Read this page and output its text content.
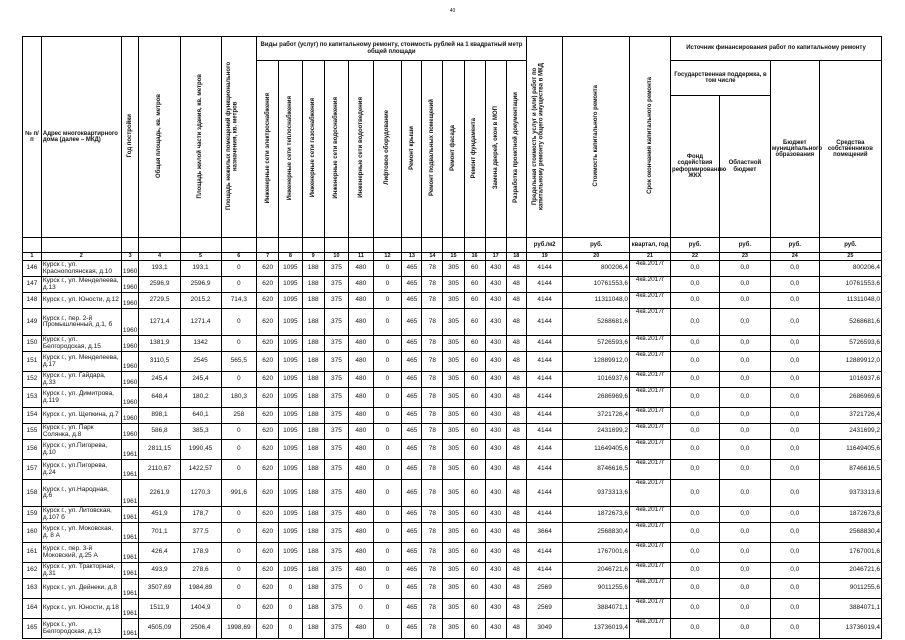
40
№ п/п	Адрес многоквартирного дома (далее – МКД)	Год постройки	Общая площадь, кв. метров	Площадь жилой части здания, кв. метров	Площадь нежилых помещений функционального назначения, кв. метров	Виды работ (услуг) по капитальному ремонту, стоимость рублей на 1 квадратный метр общей площади												Предельная стоимость услуг и (или) работ по капитальному ремонту общего имущества в МКД	Стоимость капитального ремонта	Срок окончания капитального ремонта	Источник финансирования работ по капитальному ремонту			
						Инженерные сети электроснабжения	Инженерные сети теплоснабжения	Инженерные сети газоснабжения	Инженерные сети водоснабжения	Инженерные сети водоотведения	Лифтовое оборудование	Ремонт крыши	Ремонт подвальных помещений	Ремонт фасада	Ремонт фундамента	Замена дверей, окон в МОП	Разработка проектной документации				Государственная поддержка, в том числе		Бюджет муниципального образования	Средства собственников помещений
																					Фонд содействия реформированию ЖКХ	Областной бюджет		
																		руб./м2	руб.	квартал, год	руб.	руб.	руб.	руб.
1	2	3	4	5	6	7	8	9	10	11	12	13	14	15	16	17	18	19	20	21	22	23	24	25
146	Курск г., ул. Краснополянская, д.10	1960	193,1	193,1	0	620	1095	188	375	480	0	465	78	305	60	430	48	4144	800206,4	4кв.2017г	0,0	0,0	0,0	800206,4
147	Курск г., ул. Менделеева, д.13	1960	2596,9	2596,9	0	620	1095	188	375	480	0	465	78	305	60	430	48	4144	10761553,6	4кв.2017г	0,0	0,0	0,0	10761553,6
148	Курск г., ул. Юности, д.12	1960	2729,5	2015,2	714,3	620	1095	188	375	480	0	465	78	305	60	430	48	4144	11311048,0	4кв.2017г	0,0	0,0	0,0	11311048,0
149	Курск г., пер. 2-й Промышленный, д.1, б	1960	1271,4	1271,4	0	620	1095	188	375	480	0	465	78	305	60	430	48	4144	5268681,6	4кв.2017г	0,0	0,0	0,0	5268681,6
150	Курск г., ул. Белгородская, д.15	1960	1381,9	1342	0	620	1095	188	375	480	0	465	78	305	60	430	48	4144	5726593,6	4кв.2017г	0,0	0,0	0,0	5726593,6
151	Курск г., ул. Менделеева, д.17	1960	3110,5	2545	565,5	620	1095	188	375	480	0	465	78	305	60	430	48	4144	12889912,0	4кв.2017г	0,0	0,0	0,0	12889912,0
152	Курск г., ул. Гайдара, д.33	1960	245,4	245,4	0	620	1095	188	375	480	0	465	78	305	60	430	48	4144	1016937,6	4кв.2017г	0,0	0,0	0,0	1016937,6
153	Курск г., ул. Димитрова, д.119	1960	648,4	180,2	180,3	620	1095	188	375	480	0	465	78	305	60	430	48	4144	2686969,6	4кв.2017г	0,0	0,0	0,0	2686969,6
154	Курск г., ул. Щепкина, д.7	1960	898,1	640,1	258	620	1095	188	375	480	0	465	78	305	60	430	48	4144	3721726,4	4кв.2017г	0,0	0,0	0,0	3721726,4
155	Курск г., ул. Парк Солянка, д.8	1960	586,8	385,3	0	620	1095	188	375	480	0	465	78	305	60	430	48	4144	2431699,2	4кв.2017г	0,0	0,0	0,0	2431699,2
156	Курск г., ул.Пигорева, д.10	1961	2811,15	1990,45	0	620	1095	188	375	480	0	465	78	305	60	430	48	4144	11649405,6	4кв.2017г	0,0	0,0	0,0	11649405,6
157	Курск г., ул.Пигорева, д.24	1961	2110,67	1422,57	0	620	1095	188	375	480	0	465	78	305	60	430	48	4144	8746616,5	4кв.2017г	0,0	0,0	0,0	8746616,5
158	Курск г., ул.Народная, д.6	1961	2261,9	1270,3	991,6	620	1095	188	375	480	0	465	78	305	60	430	48	4144	9373313,6	4кв.2017г	0,0	0,0	0,0	9373313,6
159	Курск г., ул. Литовская, д.107 б	1961	451,9	178,7	0	620	1095	188	375	480	0	465	78	305	60	430	48	4144	1872673,6	4кв.2017г	0,0	0,0	0,0	1872673,6
160	Курск г., ул. Моковская, д. 8 А	1961	701,1	377,5	0	620	1095	188	375	480	0	465	78	305	60	430	48	3664	2568830,4	4кв.2017г	0,0	0,0	0,0	2568830,4
161	Курск г., пер. 3-й Моковский, д.25 А	1961	426,4	178,9	0	620	1095	188	375	480	0	465	78	305	60	430	48	4144	1767001,6	4кв.2017г	0,0	0,0	0,0	1767001,6
162	Курск г., ул. Тракторная, д.31	1961	493,9	278,6	0	620	1095	188	375	480	0	465	78	305	60	430	48	4144	2046721,6	4кв.2017г	0,0	0,0	0,0	2046721,6
163	Курск г., ул. Дейнеки, д.8	1961	3507,69	1984,89	0	620	0	188	375	0	0	465	78	305	60	430	48	2569	9011255,6	4кв.2017г	0,0	0,0	0,0	9011255,6
164	Курск г., ул. Юности, д.18	1961	1511,9	1404,9	0	620	0	188	375	0	0	465	78	305	60	430	48	2569	3884071,1	4кв.2017г	0,0	0,0	0,0	3884071,1
165	Курск г., ул. Белгородская, д.13	1961	4505,09	2506,4	1998,69	620	0	188	375	480	0	465	78	305	60	430	48	3049	13736019,4	4кв.2017г	0,0	0,0	0,0	13736019,4
